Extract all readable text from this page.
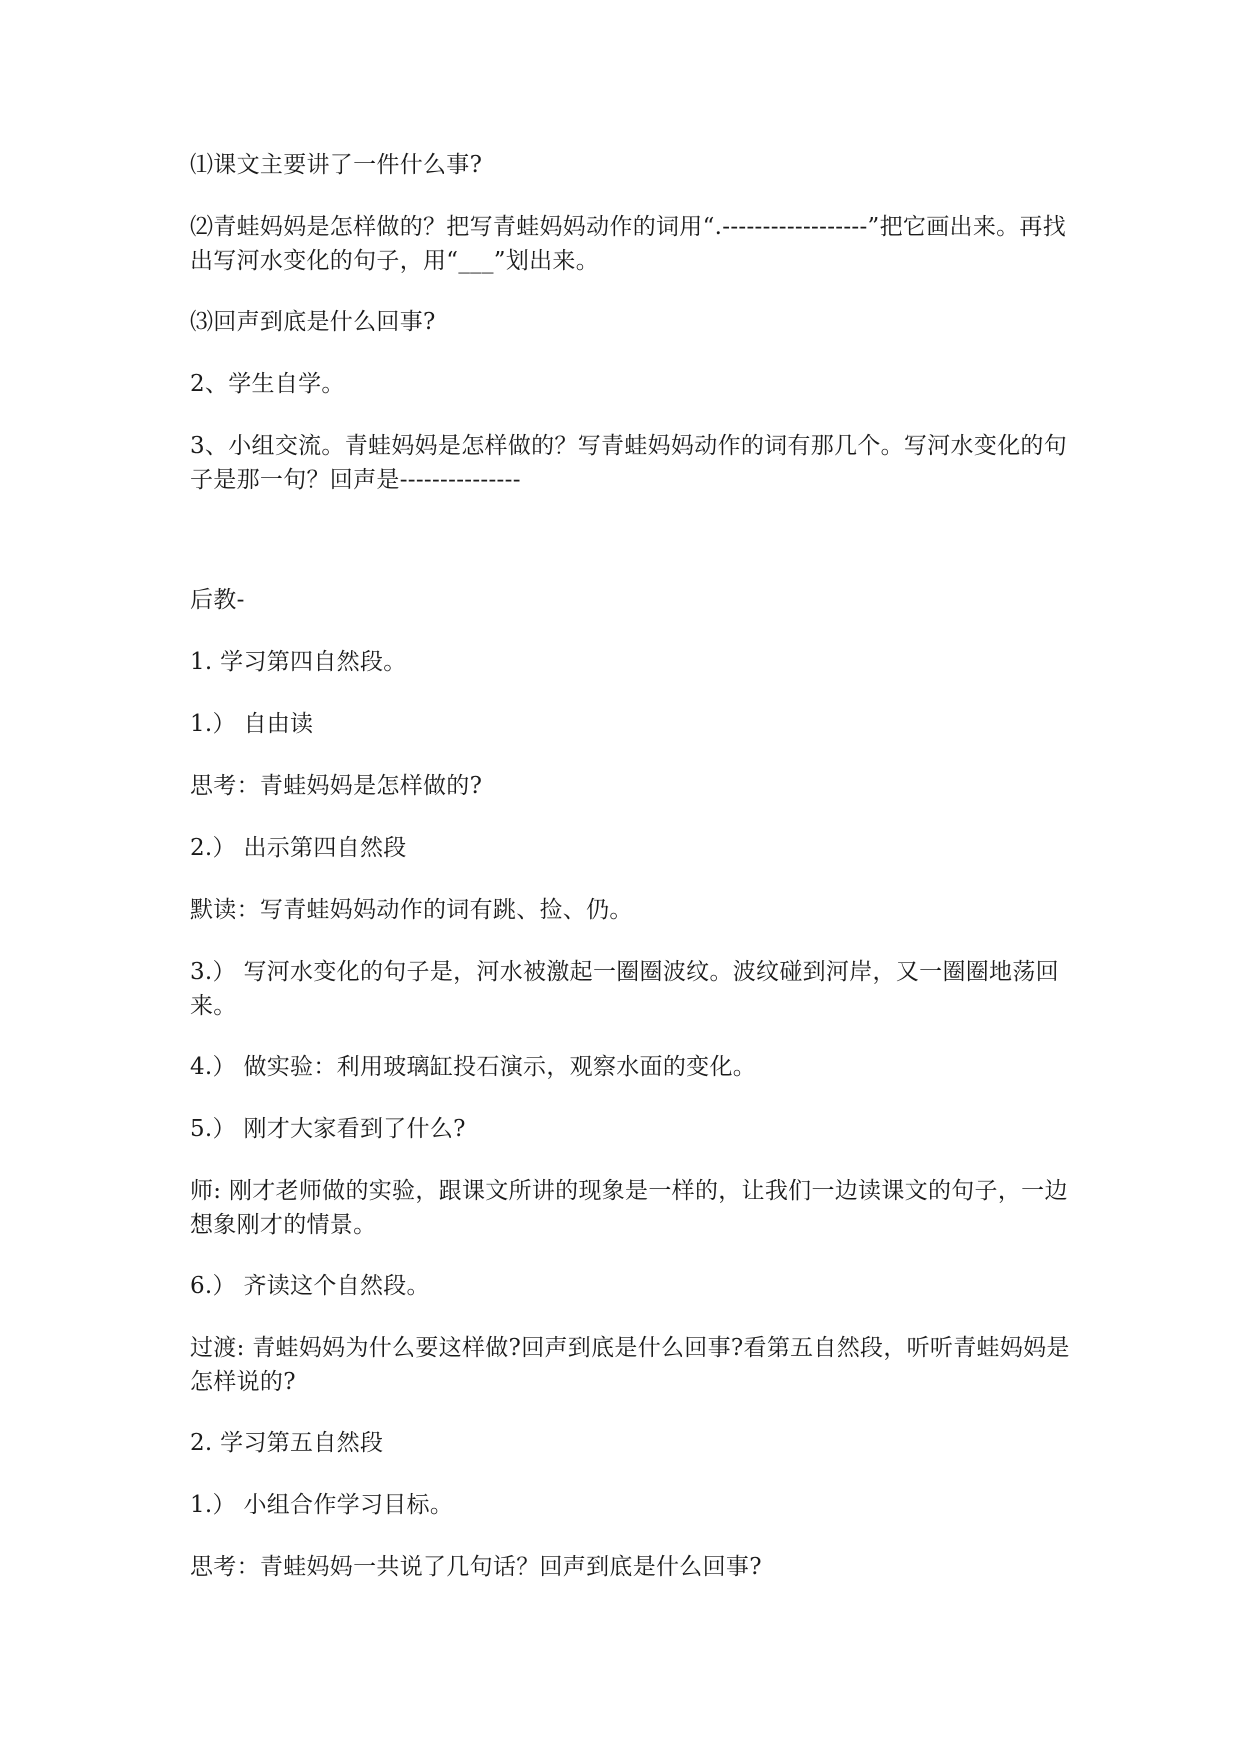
⑴课文主要讲了一件什么事?

⑵青蛙妈妈是怎样做的？把写青蛙妈妈动作的词用“.------------------”把它画出来。再找出写河水变化的句子，用“___”划出来。

⑶回声到底是什么回事?

2、学生自学。

3、小组交流。青蛙妈妈是怎样做的？写青蛙妈妈动作的词有那几个。写河水变化的句子是那一句？回声是---------------

后教-

1. 学习第四自然段。

1.） 自由读

思考：青蛙妈妈是怎样做的?

2.） 出示第四自然段

默读：写青蛙妈妈动作的词有跳、捡、仍。

3.） 写河水变化的句子是，河水被激起一圈圈波纹。波纹碰到河岸，又一圈圈地荡回来。

4.） 做实验：利用玻璃缸投石演示，观察水面的变化。

5.） 刚才大家看到了什么?

师: 刚才老师做的实验，跟课文所讲的现象是一样的，让我们一边读课文的句子，一边想象刚才的情景。

6.） 齐读这个自然段。

过渡: 青蛙妈妈为什么要这样做?回声到底是什么回事?看第五自然段，听听青蛙妈妈是怎样说的?

2. 学习第五自然段

1.） 小组合作学习目标。

思考：青蛙妈妈一共说了几句话？回声到底是什么回事?
